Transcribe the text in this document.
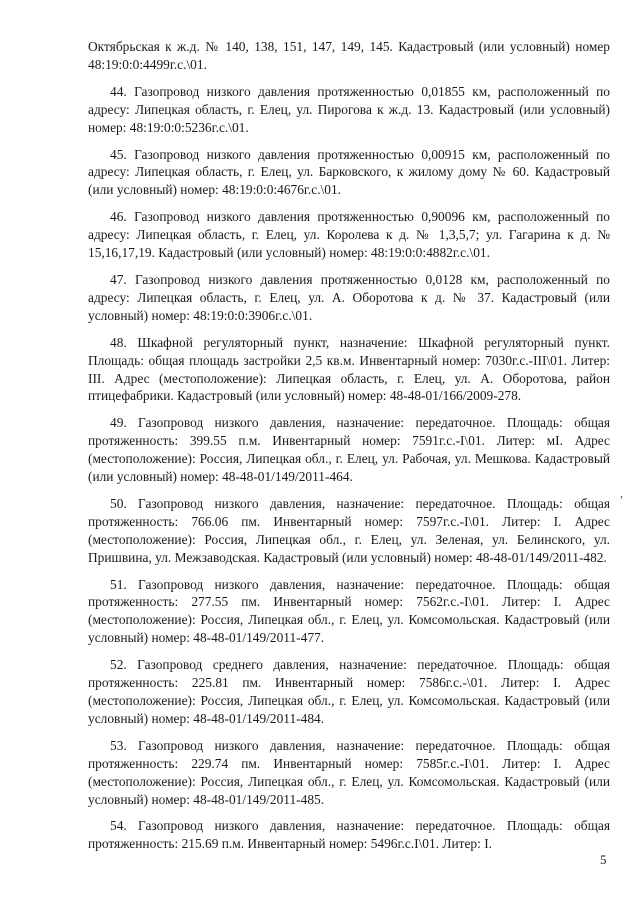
Октябрьская к ж.д. № 140, 138, 151, 147, 149, 145. Кадастровый (или условный) номер 48:19:0:0:4499г.с.\01.

44. Газопровод низкого давления протяженностью 0,01855 км, расположенный по адресу: Липецкая область, г. Елец, ул. Пирогова к ж.д. 13. Кадастровый (или условный) номер: 48:19:0:0:5236г.с.\01.

45. Газопровод низкого давления протяженностью 0,00915 км, расположенный по адресу: Липецкая область, г. Елец, ул. Барковского, к жилому дому № 60. Кадастровый (или условный) номер: 48:19:0:0:4676г.с.\01.

46. Газопровод низкого давления протяженностью 0,90096 км, расположенный по адресу: Липецкая область, г. Елец, ул. Королева к д. № 1,3,5,7; ул. Гагарина к д. № 15,16,17,19. Кадастровый (или условный) номер: 48:19:0:0:4882г.с.\01.

47. Газопровод низкого давления протяженностью 0,0128 км, расположенный по адресу: Липецкая область, г. Елец, ул. А. Оборотова к д. № 37. Кадастровый (или условный) номер: 48:19:0:0:3906г.с.\01.

48. Шкафной регуляторный пункт, назначение: Шкафной регуляторный пункт. Площадь: общая площадь застройки 2,5 кв.м. Инвентарный номер: 7030г.с.-III\01. Литер: III. Адрес (местоположение): Липецкая область, г. Елец, ул. А. Оборотова, район птицефабрики. Кадастровый (или условный) номер: 48-48-01/166/2009-278.

49. Газопровод низкого давления, назначение: передаточное. Площадь: общая протяженность: 399.55 п.м. Инвентарный номер: 7591г.с.-I\01. Литер: мI. Адрес (местоположение): Россия, Липецкая обл., г. Елец, ул. Рабочая, ул. Мешкова. Кадастровый (или условный) номер: 48-48-01/149/2011-464.

50. Газопровод низкого давления, назначение: передаточное. Площадь: общая протяженность: 766.06 пм. Инвентарный номер: 7597г.с.-I\01. Литер: I. Адрес (местоположение): Россия, Липецкая обл., г. Елец, ул. Зеленая, ул. Белинского, ул. Пришвина, ул. Межзаводская. Кадастровый (или условный) номер: 48-48-01/149/2011-482.

51. Газопровод низкого давления, назначение: передаточное. Площадь: общая протяженность: 277.55 пм. Инвентарный номер: 7562г.с.-I\01. Литер: I. Адрес (местоположение): Россия, Липецкая обл., г. Елец, ул. Комсомольская. Кадастровый (или условный) номер: 48-48-01/149/2011-477.

52. Газопровод среднего давления, назначение: передаточное. Площадь: общая протяженность: 225.81 пм. Инвентарный номер: 7586г.с.-\01. Литер: I. Адрес (местоположение): Россия, Липецкая обл., г. Елец, ул. Комсомольская. Кадастровый (или условный) номер: 48-48-01/149/2011-484.

53. Газопровод низкого давления, назначение: передаточное. Площадь: общая протяженность: 229.74 пм. Инвентарный номер: 7585г.с.-I\01. Литер: I. Адрес (местоположение): Россия, Липецкая обл., г. Елец, ул. Комсомольская. Кадастровый (или условный) номер: 48-48-01/149/2011-485.

54. Газопровод низкого давления, назначение: передаточное. Площадь: общая протяженность: 215.69 п.м. Инвентарный номер: 5496г.с.I\01. Литер: I.

,
5
